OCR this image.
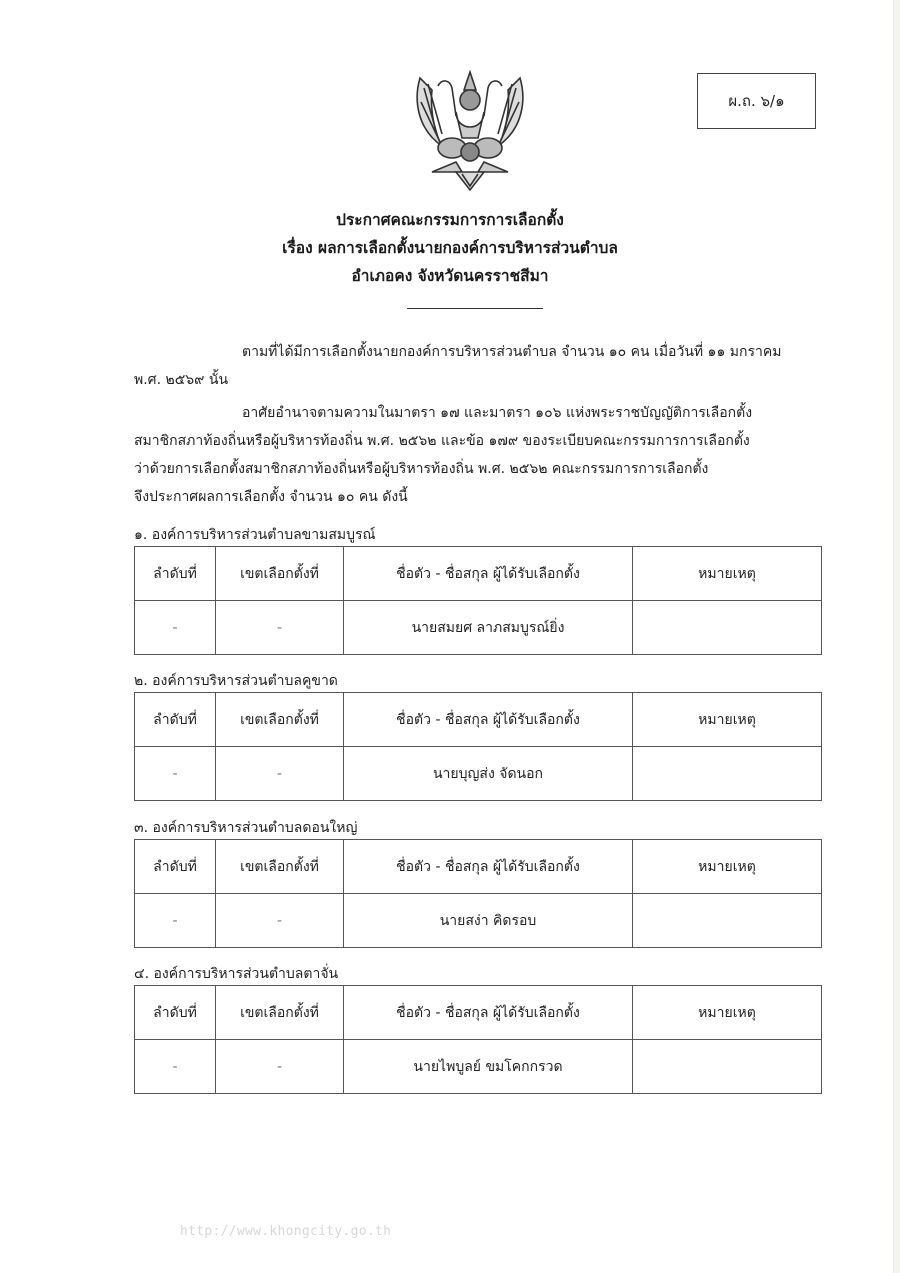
ผ.ถ. ๖/๑
ประกาศคณะกรรมการการเลือกตั้ง
เรื่อง ผลการเลือกตั้งนายกองค์การบริหารส่วนตำบล
อำเภอคง จังหวัดนครราชสีมา
ตามที่ได้มีการเลือกตั้งนายกองค์การบริหารส่วนตำบล จำนวน ๑๐ คน เมื่อวันที่ ๑๑ มกราคม
พ.ศ. ๒๕๖๙ นั้น
อาศัยอำนาจตามความในมาตรา ๑๗ และมาตรา ๑๐๖ แห่งพระราชบัญญัติการเลือกตั้ง
สมาชิกสภาท้องถิ่นหรือผู้บริหารท้องถิ่น พ.ศ. ๒๕๖๒ และข้อ ๑๗๙ ของระเบียบคณะกรรมการการเลือกตั้ง
ว่าด้วยการเลือกตั้งสมาชิกสภาท้องถิ่นหรือผู้บริหารท้องถิ่น พ.ศ. ๒๕๖๒ คณะกรรมการการเลือกตั้ง
จึงประกาศผลการเลือกตั้ง จำนวน ๑๐ คน ดังนี้
๑. องค์การบริหารส่วนตำบลขามสมบูรณ์
ลำดับที่	เขตเลือกตั้งที่	ชื่อตัว - ชื่อสกุล ผู้ได้รับเลือกตั้ง	หมายเหตุ
-	-	นายสมยศ ลาภสมบูรณ์ยิ่ง	
๒. องค์การบริหารส่วนตำบลคูขาด
ลำดับที่	เขตเลือกตั้งที่	ชื่อตัว - ชื่อสกุล ผู้ได้รับเลือกตั้ง	หมายเหตุ
-	-	นายบุญส่ง จัดนอก	
๓. องค์การบริหารส่วนตำบลดอนใหญ่
ลำดับที่	เขตเลือกตั้งที่	ชื่อตัว - ชื่อสกุล ผู้ได้รับเลือกตั้ง	หมายเหตุ
-	-	นายสง่า คิดรอบ	
๔. องค์การบริหารส่วนตำบลตาจั่น
ลำดับที่	เขตเลือกตั้งที่	ชื่อตัว - ชื่อสกุล ผู้ได้รับเลือกตั้ง	หมายเหตุ
-	-	นายไพบูลย์ ขมโคกกรวด	
http://www.khongcity.go.th
